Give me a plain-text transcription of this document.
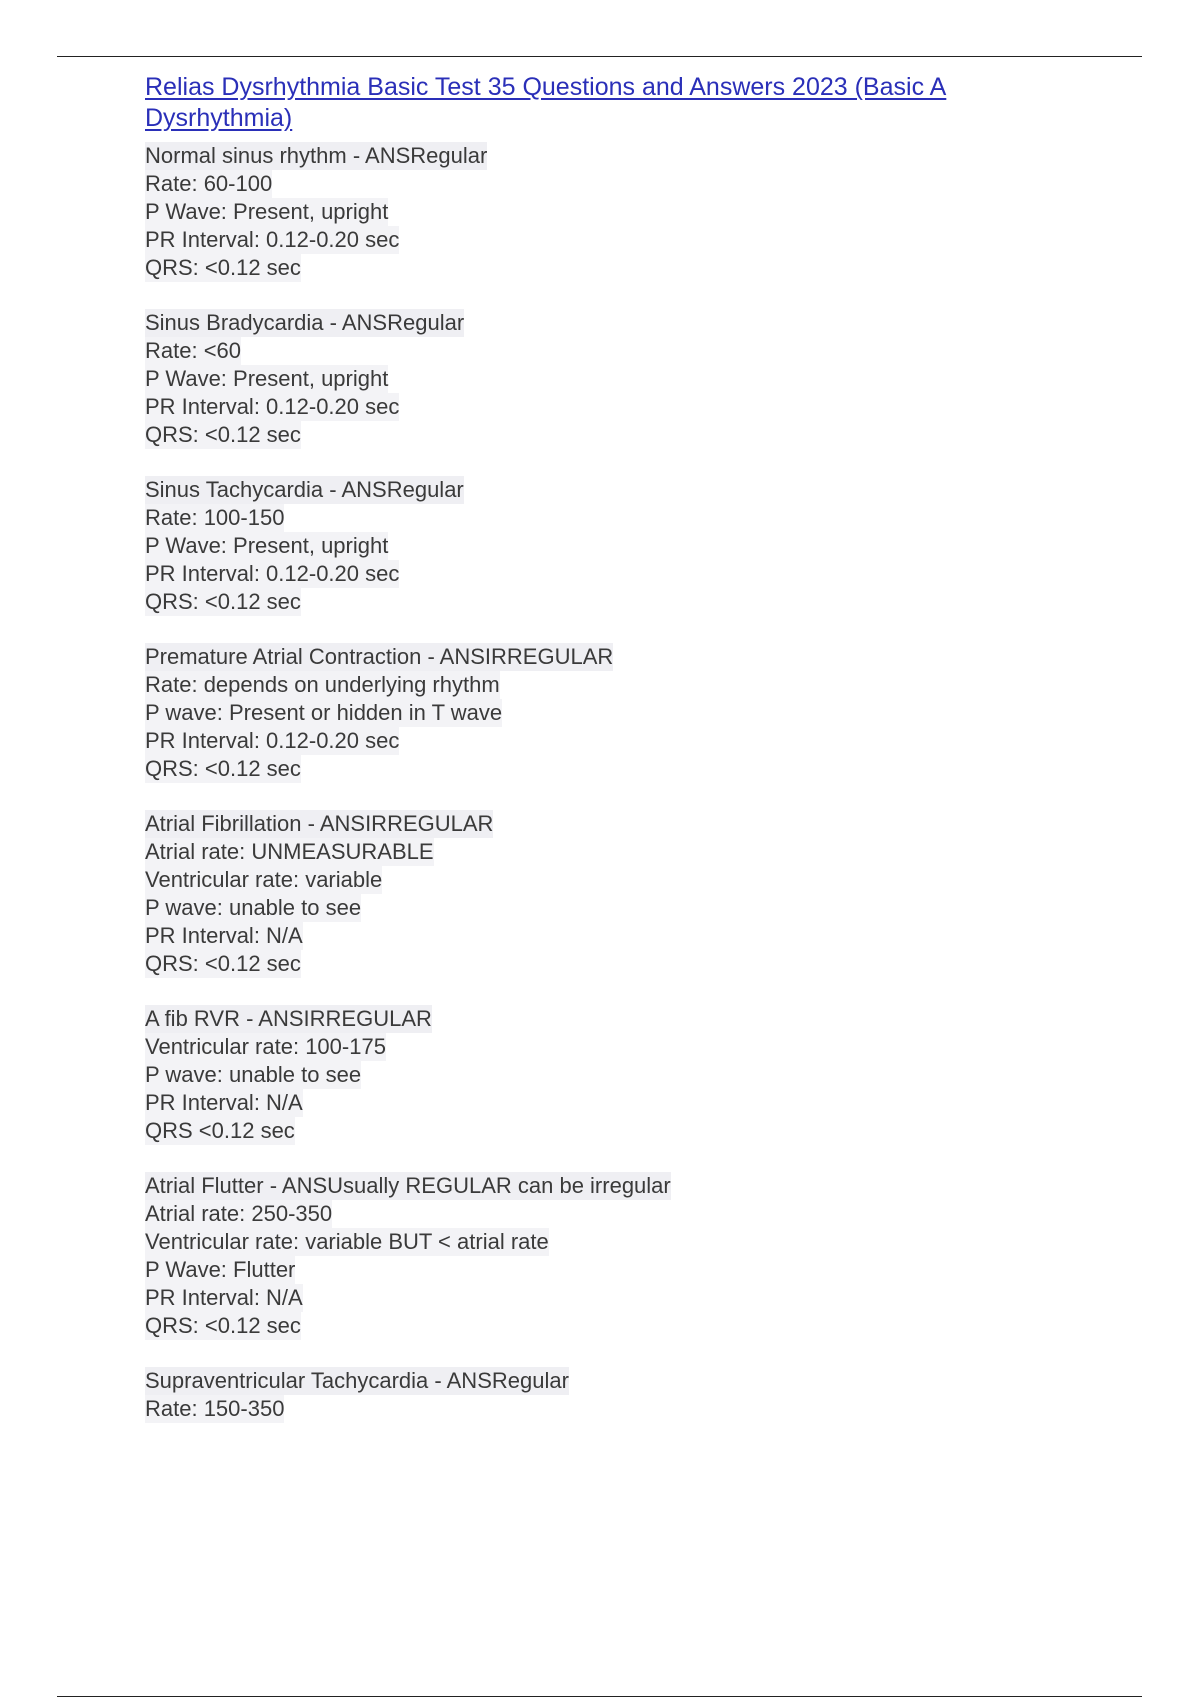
Relias Dysrhythmia Basic Test 35 Questions and Answers 2023 (Basic A Dysrhythmia)
Normal sinus rhythm - ANSRegular
Rate: 60-100
P Wave: Present, upright
PR Interval: 0.12-0.20 sec
QRS: <0.12 sec
Sinus Bradycardia - ANSRegular
Rate: <60
P Wave: Present, upright
PR Interval: 0.12-0.20 sec
QRS: <0.12 sec
Sinus Tachycardia - ANSRegular
Rate: 100-150
P Wave: Present, upright
PR Interval: 0.12-0.20 sec
QRS: <0.12 sec
Premature Atrial Contraction - ANSIRREGULAR
Rate: depends on underlying rhythm
P wave: Present or hidden in T wave
PR Interval: 0.12-0.20 sec
QRS: <0.12 sec
Atrial Fibrillation - ANSIRREGULAR
Atrial rate: UNMEASURABLE
Ventricular rate: variable
P wave: unable to see
PR Interval: N/A
QRS: <0.12 sec
A fib RVR - ANSIRREGULAR
Ventricular rate: 100-175
P wave: unable to see
PR Interval: N/A
QRS <0.12 sec
Atrial Flutter - ANSUsually REGULAR can be irregular
Atrial rate: 250-350
Ventricular rate: variable BUT < atrial rate
P Wave: Flutter
PR Interval: N/A
QRS: <0.12 sec
Supraventricular Tachycardia - ANSRegular
Rate: 150-350
